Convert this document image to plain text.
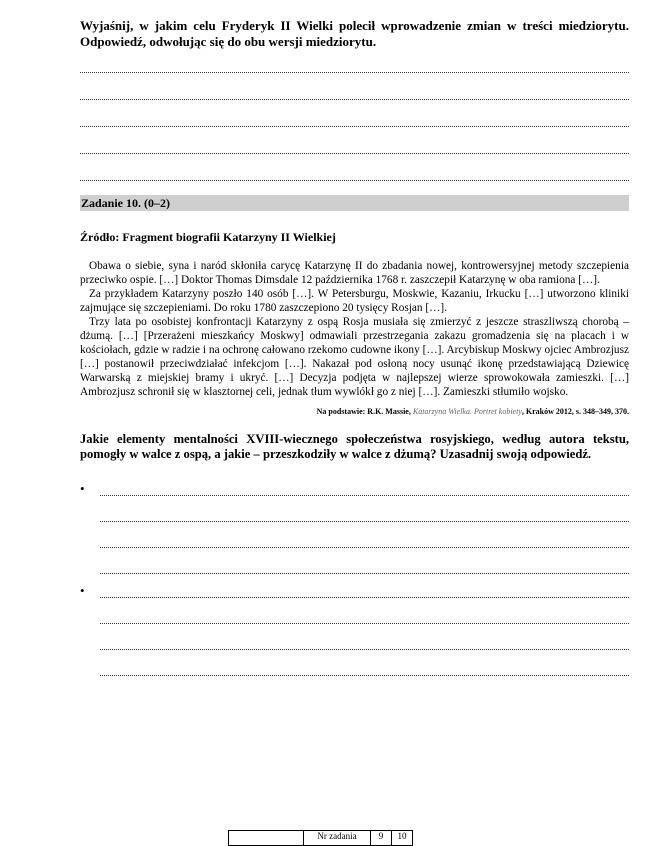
Wyjaśnij, w jakim celu Fryderyk II Wielki polecił wprowadzenie zmian w treści miedziorytu. Odpowiedź, odwołując się do obu wersji miedziorytu.

Zadanie 10. (0–2)
Źródło: Fragment biografii Katarzyny II Wielkiej

Obawa o siebie, syna i naród skłoniła carycę Katarzynę II do zbadania nowej, kontrowersyjnej metody szczepienia przeciwko ospie. […] Doktor Thomas Dimsdale 12 października 1768 r. zaszczepił Katarzynę w oba ramiona […].

Za przykładem Katarzyny poszło 140 osób […]. W Petersburgu, Moskwie, Kazaniu, Irkucku […] utworzono kliniki zajmujące się szczepieniami. Do roku 1780 zaszczepiono 20 tysięcy Rosjan […].

Trzy lata po osobistej konfrontacji Katarzyny z ospą Rosja musiała się zmierzyć z jeszcze straszliwszą chorobą – dżumą. […] [Przerażeni mieszkańcy Moskwy] odmawiali przestrzegania zakazu gromadzenia się na placach i w kościołach, gdzie w radzie i na ochronę całowano rzekomo cudowne ikony […]. Arcybiskup Moskwy ojciec Ambrozjusz […] postanowił przeciwdziałać infekcjom […]. Nakazał pod osłoną nocy usunąć ikonę przedstawiającą Dziewicę Warwarską z miejskiej bramy i ukryć. […] Decyzja podjęta w najlepszej wierze sprowokowała zamieszki. […] Ambrozjusz schronił się w klasztornej celi, jednak tłum wywlókł go z niej […]. Zamieszki stłumiło wojsko.

Na podstawie: R.K. Massie, Katarzyna Wielka. Portret kobiety, Kraków 2012, s. 348–349, 370.
Jakie elementy mentalności XVIII-wiecznego społeczeństwa rosyjskiego, według autora tekstu, pomogły w walce z ospą, a jakie – przeszkodziły w walce z dżumą? Uzasadnij swoją odpowiedź.
•
•
	Nr zadania	9	10
